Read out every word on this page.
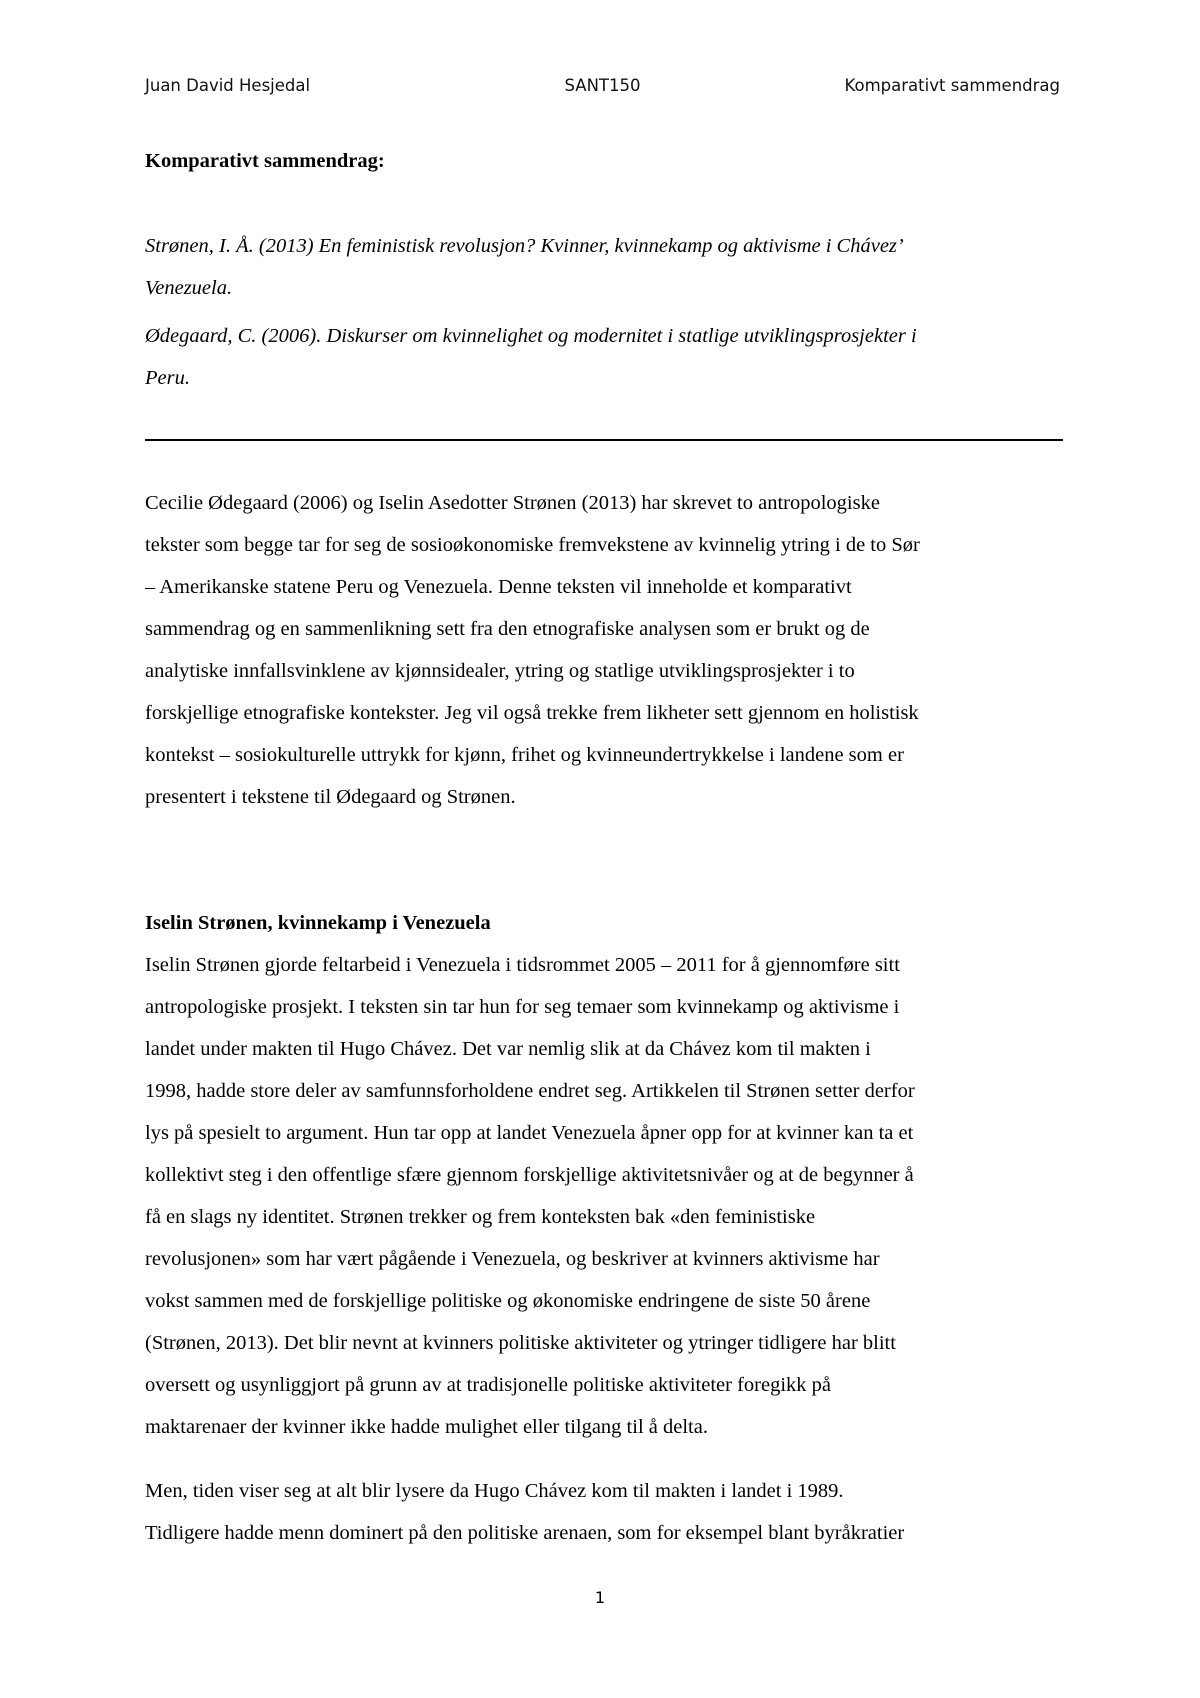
Juan David Hesjedal	SANT150	Komparativt sammendrag

Komparativt sammendrag:

Strønen, I. Å. (2013) En feministisk revolusjon? Kvinner, kvinnekamp og aktivisme i Chávez’
Venezuela.

Ødegaard, C. (2006). Diskurser om kvinnelighet og modernitet i statlige utviklingsprosjekter i
Peru.

Cecilie Ødegaard (2006) og Iselin Asedotter Strønen (2013) har skrevet to antropologiske
tekster som begge tar for seg de sosioøkonomiske fremvekstene av kvinnelig ytring i de to Sør
– Amerikanske statene Peru og Venezuela. Denne teksten vil inneholde et komparativt
sammendrag og en sammenlikning sett fra den etnografiske analysen som er brukt og de
analytiske innfallsvinklene av kjønnsidealer, ytring og statlige utviklingsprosjekter i to
forskjellige etnografiske kontekster. Jeg vil også trekke frem likheter sett gjennom en holistisk
kontekst – sosiokulturelle uttrykk for kjønn, frihet og kvinneundertrykkelse i landene som er
presentert i tekstene til Ødegaard og Strønen.

Iselin Strønen, kvinnekamp i Venezuela

Iselin Strønen gjorde feltarbeid i Venezuela i tidsrommet 2005 – 2011 for å gjennomføre sitt
antropologiske prosjekt. I teksten sin tar hun for seg temaer som kvinnekamp og aktivisme i
landet under makten til Hugo Chávez. Det var nemlig slik at da Chávez kom til makten i
1998, hadde store deler av samfunnsforholdene endret seg. Artikkelen til Strønen setter derfor
lys på spesielt to argument. Hun tar opp at landet Venezuela åpner opp for at kvinner kan ta et
kollektivt steg i den offentlige sfære gjennom forskjellige aktivitetsnivåer og at de begynner å
få en slags ny identitet. Strønen trekker og frem konteksten bak «den feministiske
revolusjonen» som har vært pågående i Venezuela, og beskriver at kvinners aktivisme har
vokst sammen med de forskjellige politiske og økonomiske endringene de siste 50 årene
(Strønen, 2013). Det blir nevnt at kvinners politiske aktiviteter og ytringer tidligere har blitt
oversett og usynliggjort på grunn av at tradisjonelle politiske aktiviteter foregikk på
maktarenaer der kvinner ikke hadde mulighet eller tilgang til å delta.

Men, tiden viser seg at alt blir lysere da Hugo Chávez kom til makten i landet i 1989.
Tidligere hadde menn dominert på den politiske arenaen, som for eksempel blant byråkratier

1
